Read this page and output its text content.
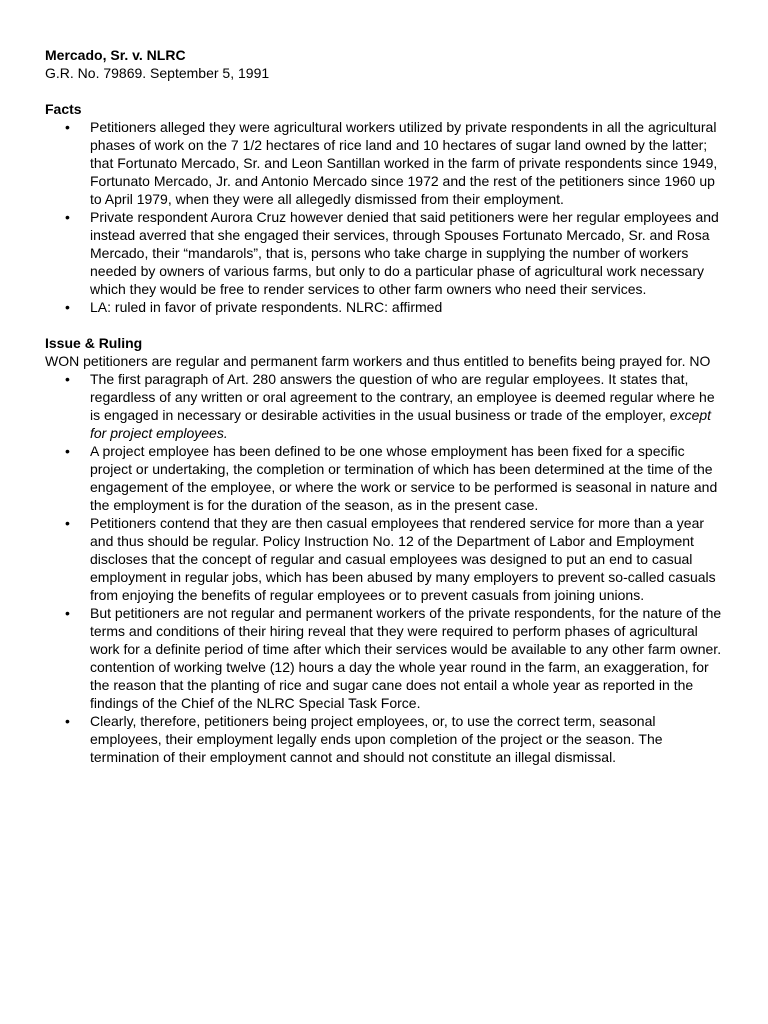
Mercado, Sr. v. NLRC

G.R. No. 79869. September 5, 1991

Facts

• Petitioners alleged they were agricultural workers utilized by private respondents in all the agricultural phases of work on the 7 1/2 hectares of rice land and 10 hectares of sugar land owned by the latter; that Fortunato Mercado, Sr. and Leon Santillan worked in the farm of private respondents since 1949, Fortunato Mercado, Jr. and Antonio Mercado since 1972 and the rest of the petitioners since 1960 up to April 1979, when they were all allegedly dismissed from their employment.
• Private respondent Aurora Cruz however denied that said petitioners were her regular employees and instead averred that she engaged their services, through Spouses Fortunato Mercado, Sr. and Rosa Mercado, their “mandarols”, that is, persons who take charge in supplying the number of workers needed by owners of various farms, but only to do a particular phase of agricultural work necessary which they would be free to render services to other farm owners who need their services.
• LA: ruled in favor of private respondents. NLRC: affirmed

Issue & Ruling

WON petitioners are regular and permanent farm workers and thus entitled to benefits being prayed for. NO

• The first paragraph of Art. 280 answers the question of who are regular employees. It states that, regardless of any written or oral agreement to the contrary, an employee is deemed regular where he is engaged in necessary or desirable activities in the usual business or trade of the employer, except for project employees.
• A project employee has been defined to be one whose employment has been fixed for a specific project or undertaking, the completion or termination of which has been determined at the time of the engagement of the employee, or where the work or service to be performed is seasonal in nature and the employment is for the duration of the season, as in the present case.
• Petitioners contend that they are then casual employees that rendered service for more than a year and thus should be regular. Policy Instruction No. 12 of the Department of Labor and Employment discloses that the concept of regular and casual employees was designed to put an end to casual employment in regular jobs, which has been abused by many employers to prevent so-called casuals from enjoying the benefits of regular employees or to prevent casuals from joining unions.
• But petitioners are not regular and permanent workers of the private respondents, for the nature of the terms and conditions of their hiring reveal that they were required to perform phases of agricultural work for a definite period of time after which their services would be available to any other farm owner. contention of working twelve (12) hours a day the whole year round in the farm, an exaggeration, for the reason that the planting of rice and sugar cane does not entail a whole year as reported in the findings of the Chief of the NLRC Special Task Force.
• Clearly, therefore, petitioners being project employees, or, to use the correct term, seasonal employees, their employment legally ends upon completion of the project or the season. The termination of their employment cannot and should not constitute an illegal dismissal.
